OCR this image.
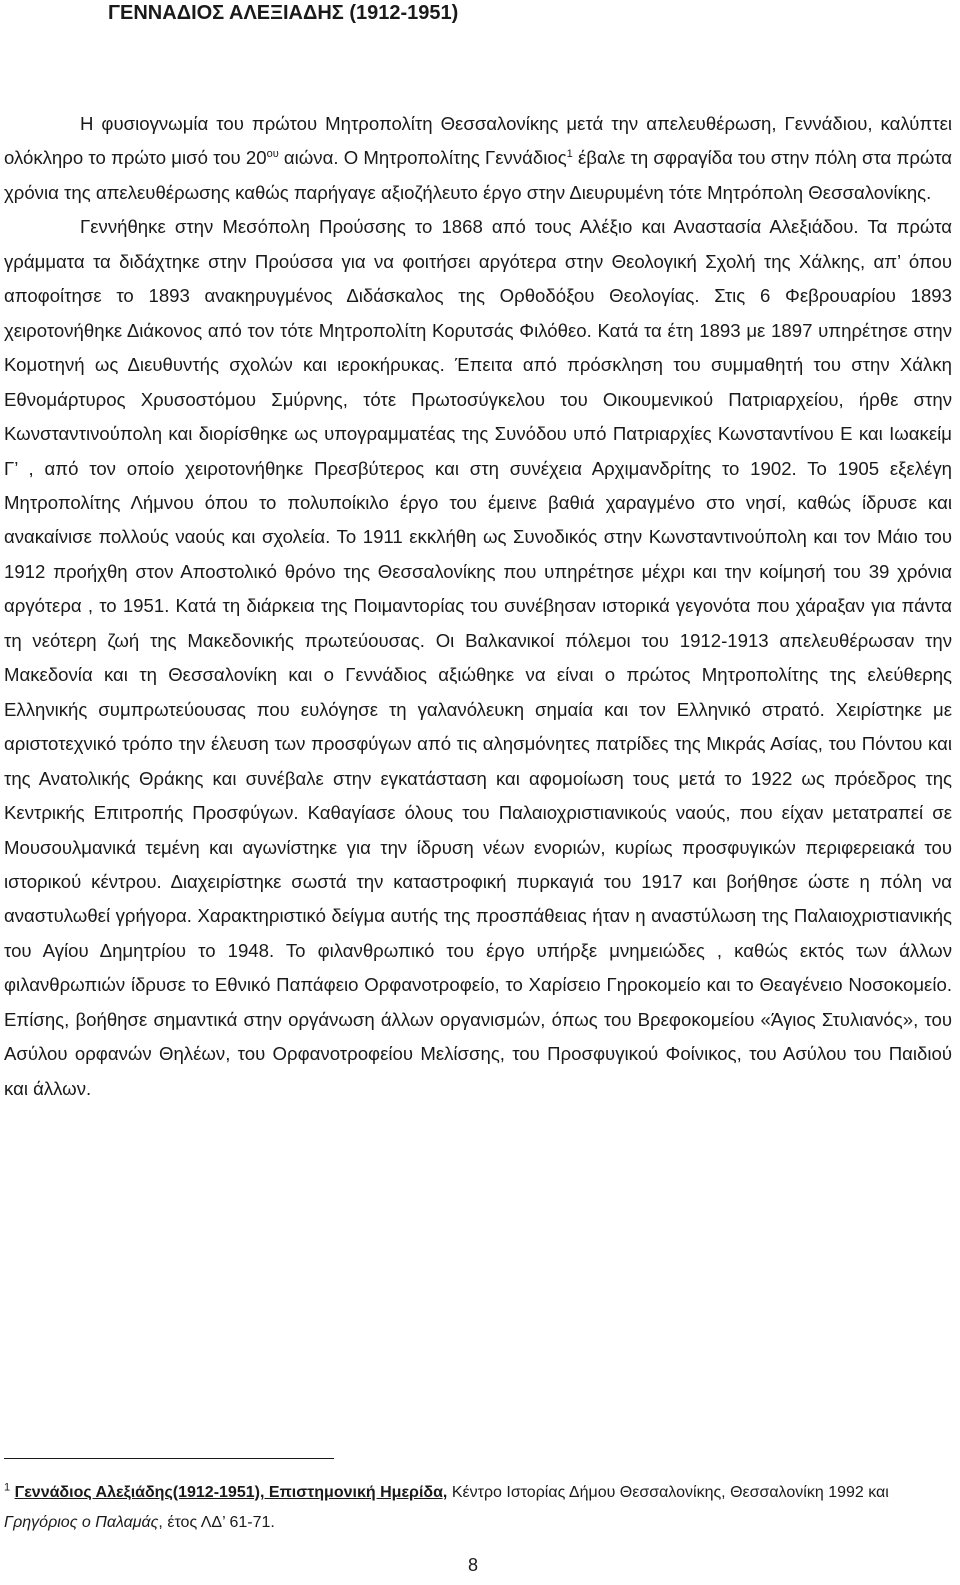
ΓΕΝΝΑΔΙΟΣ ΑΛΕΞΙΑΔΗΣ (1912-1951)

Η φυσιογνωμία του πρώτου Μητροπολίτη Θεσσαλονίκης μετά την απελευθέρωση, Γεννάδιου, καλύπτει ολόκληρο το πρώτο μισό του $20^{o\upsilon}$ αιώνα. Ο Μητροπολίτης Γεννάδιος$^1$ έβαλε τη σφραγίδα του στην πόλη στα πρώτα χρόνια της απελευθέρωσης καθώς παρήγαγε αξιοζήλευτο έργο στην Διευρυμένη τότε Μητρόπολη Θεσσαλονίκης.

Γεννήθηκε στην Μεσόπολη Προύσσης το 1868 από τους Αλέξιο και Αναστασία Αλεξιάδου. Τα πρώτα γράμματα τα διδάχτηκε στην Προύσσα για να φοιτήσει αργότερα στην Θεολογική Σχολή της Χάλκης, απ’ όπου αποφοίτησε το 1893 ανακηρυγμένος Διδάσκαλος της Ορθοδόξου Θεολογίας. Στις 6 Φεβρουαρίου 1893 χειροτονήθηκε Διάκονος από τον τότε Μητροπολίτη Κορυτσάς Φιλόθεο. Κατά τα έτη 1893 με 1897 υπηρέτησε στην Κομοτηνή ως Διευθυντής σχολών και ιεροκήρυκας. Έπειτα από πρόσκληση του συμμαθητή του στην Χάλκη Εθνομάρτυρος Χρυσοστόμου Σμύρνης, τότε Πρωτοσύγκελου του Οικουμενικού Πατριαρχείου, ήρθε στην Κωνσταντινούπολη και διορίσθηκε ως υπογραμματέας της Συνόδου υπό Πατριαρχίες Κωνσταντίνου Ε και Ιωακείμ Γ’ , από τον οποίο χειροτονήθηκε Πρεσβύτερος και στη συνέχεια Αρχιμανδρίτης το 1902. Το 1905 εξελέγη Μητροπολίτης Λήμνου όπου το πολυποίκιλο έργο του έμεινε βαθιά χαραγμένο στο νησί, καθώς ίδρυσε και ανακαίνισε πολλούς ναούς και σχολεία. Το 1911 εκκλήθη ως Συνοδικός στην Κωνσταντινούπολη και τον Μάιο του 1912 προήχθη στον Αποστολικό θρόνο της Θεσσαλονίκης που υπηρέτησε μέχρι και την κοίμησή του 39 χρόνια αργότερα , το 1951. Κατά τη διάρκεια της Ποιμαντορίας του συνέβησαν ιστορικά γεγονότα που χάραξαν για πάντα τη νεότερη ζωή της Μακεδονικής πρωτεύουσας. Οι Βαλκανικοί πόλεμοι του 1912-1913 απελευθέρωσαν την Μακεδονία και τη Θεσσαλονίκη και ο Γεννάδιος αξιώθηκε να είναι ο πρώτος Μητροπολίτης της ελεύθερης Ελληνικής συμπρωτεύουσας που ευλόγησε τη γαλανόλευκη σημαία και τον Ελληνικό στρατό. Χειρίστηκε με αριστοτεχνικό τρόπο την έλευση των προσφύγων από τις αλησμόνητες πατρίδες της Μικράς Ασίας, του Πόντου και της Ανατολικής Θράκης και συνέβαλε στην εγκατάσταση και αφομοίωση τους μετά το 1922 ως πρόεδρος της Κεντρικής Επιτροπής Προσφύγων. Καθαγίασε όλους του Παλαιοχριστιανικούς ναούς, που είχαν μετατραπεί σε Μουσουλμανικά τεμένη και αγωνίστηκε για την ίδρυση νέων ενοριών, κυρίως προσφυγικών περιφερειακά του ιστορικού κέντρου. Διαχειρίστηκε σωστά την καταστροφική πυρκαγιά του 1917 και βοήθησε ώστε η πόλη να αναστυλωθεί γρήγορα. Χαρακτηριστικό δείγμα αυτής της προσπάθειας ήταν η αναστύλωση της Παλαιοχριστιανικής του Αγίου Δημητρίου το 1948. Το φιλανθρωπικό του έργο υπήρξε μνημειώδες , καθώς εκτός των άλλων φιλανθρωπιών ίδρυσε το Εθνικό Παπάφειο Ορφανοτροφείο, το Χαρίσειο Γηροκομείο και το Θεαγένειο Νοσοκομείο. Επίσης, βοήθησε σημαντικά στην οργάνωση άλλων οργανισμών, όπως του Βρεφοκομείου «Άγιος Στυλιανός», του Ασύλου ορφανών Θηλέων, του Ορφανοτροφείου Μελίσσης, του Προσφυγικού Φοίνικος, του Ασύλου του Παιδιού και άλλων.

$^1$ Γεννάδιος Αλεξιάδης(1912-1951), Επιστημονική Ημερίδα, Κέντρο Ιστορίας Δήμου Θεσσαλονίκης, Θεσσαλονίκη 1992 και Γρηγόριος ο Παλαμάς, έτος ΛΔ’ 61-71.
8
